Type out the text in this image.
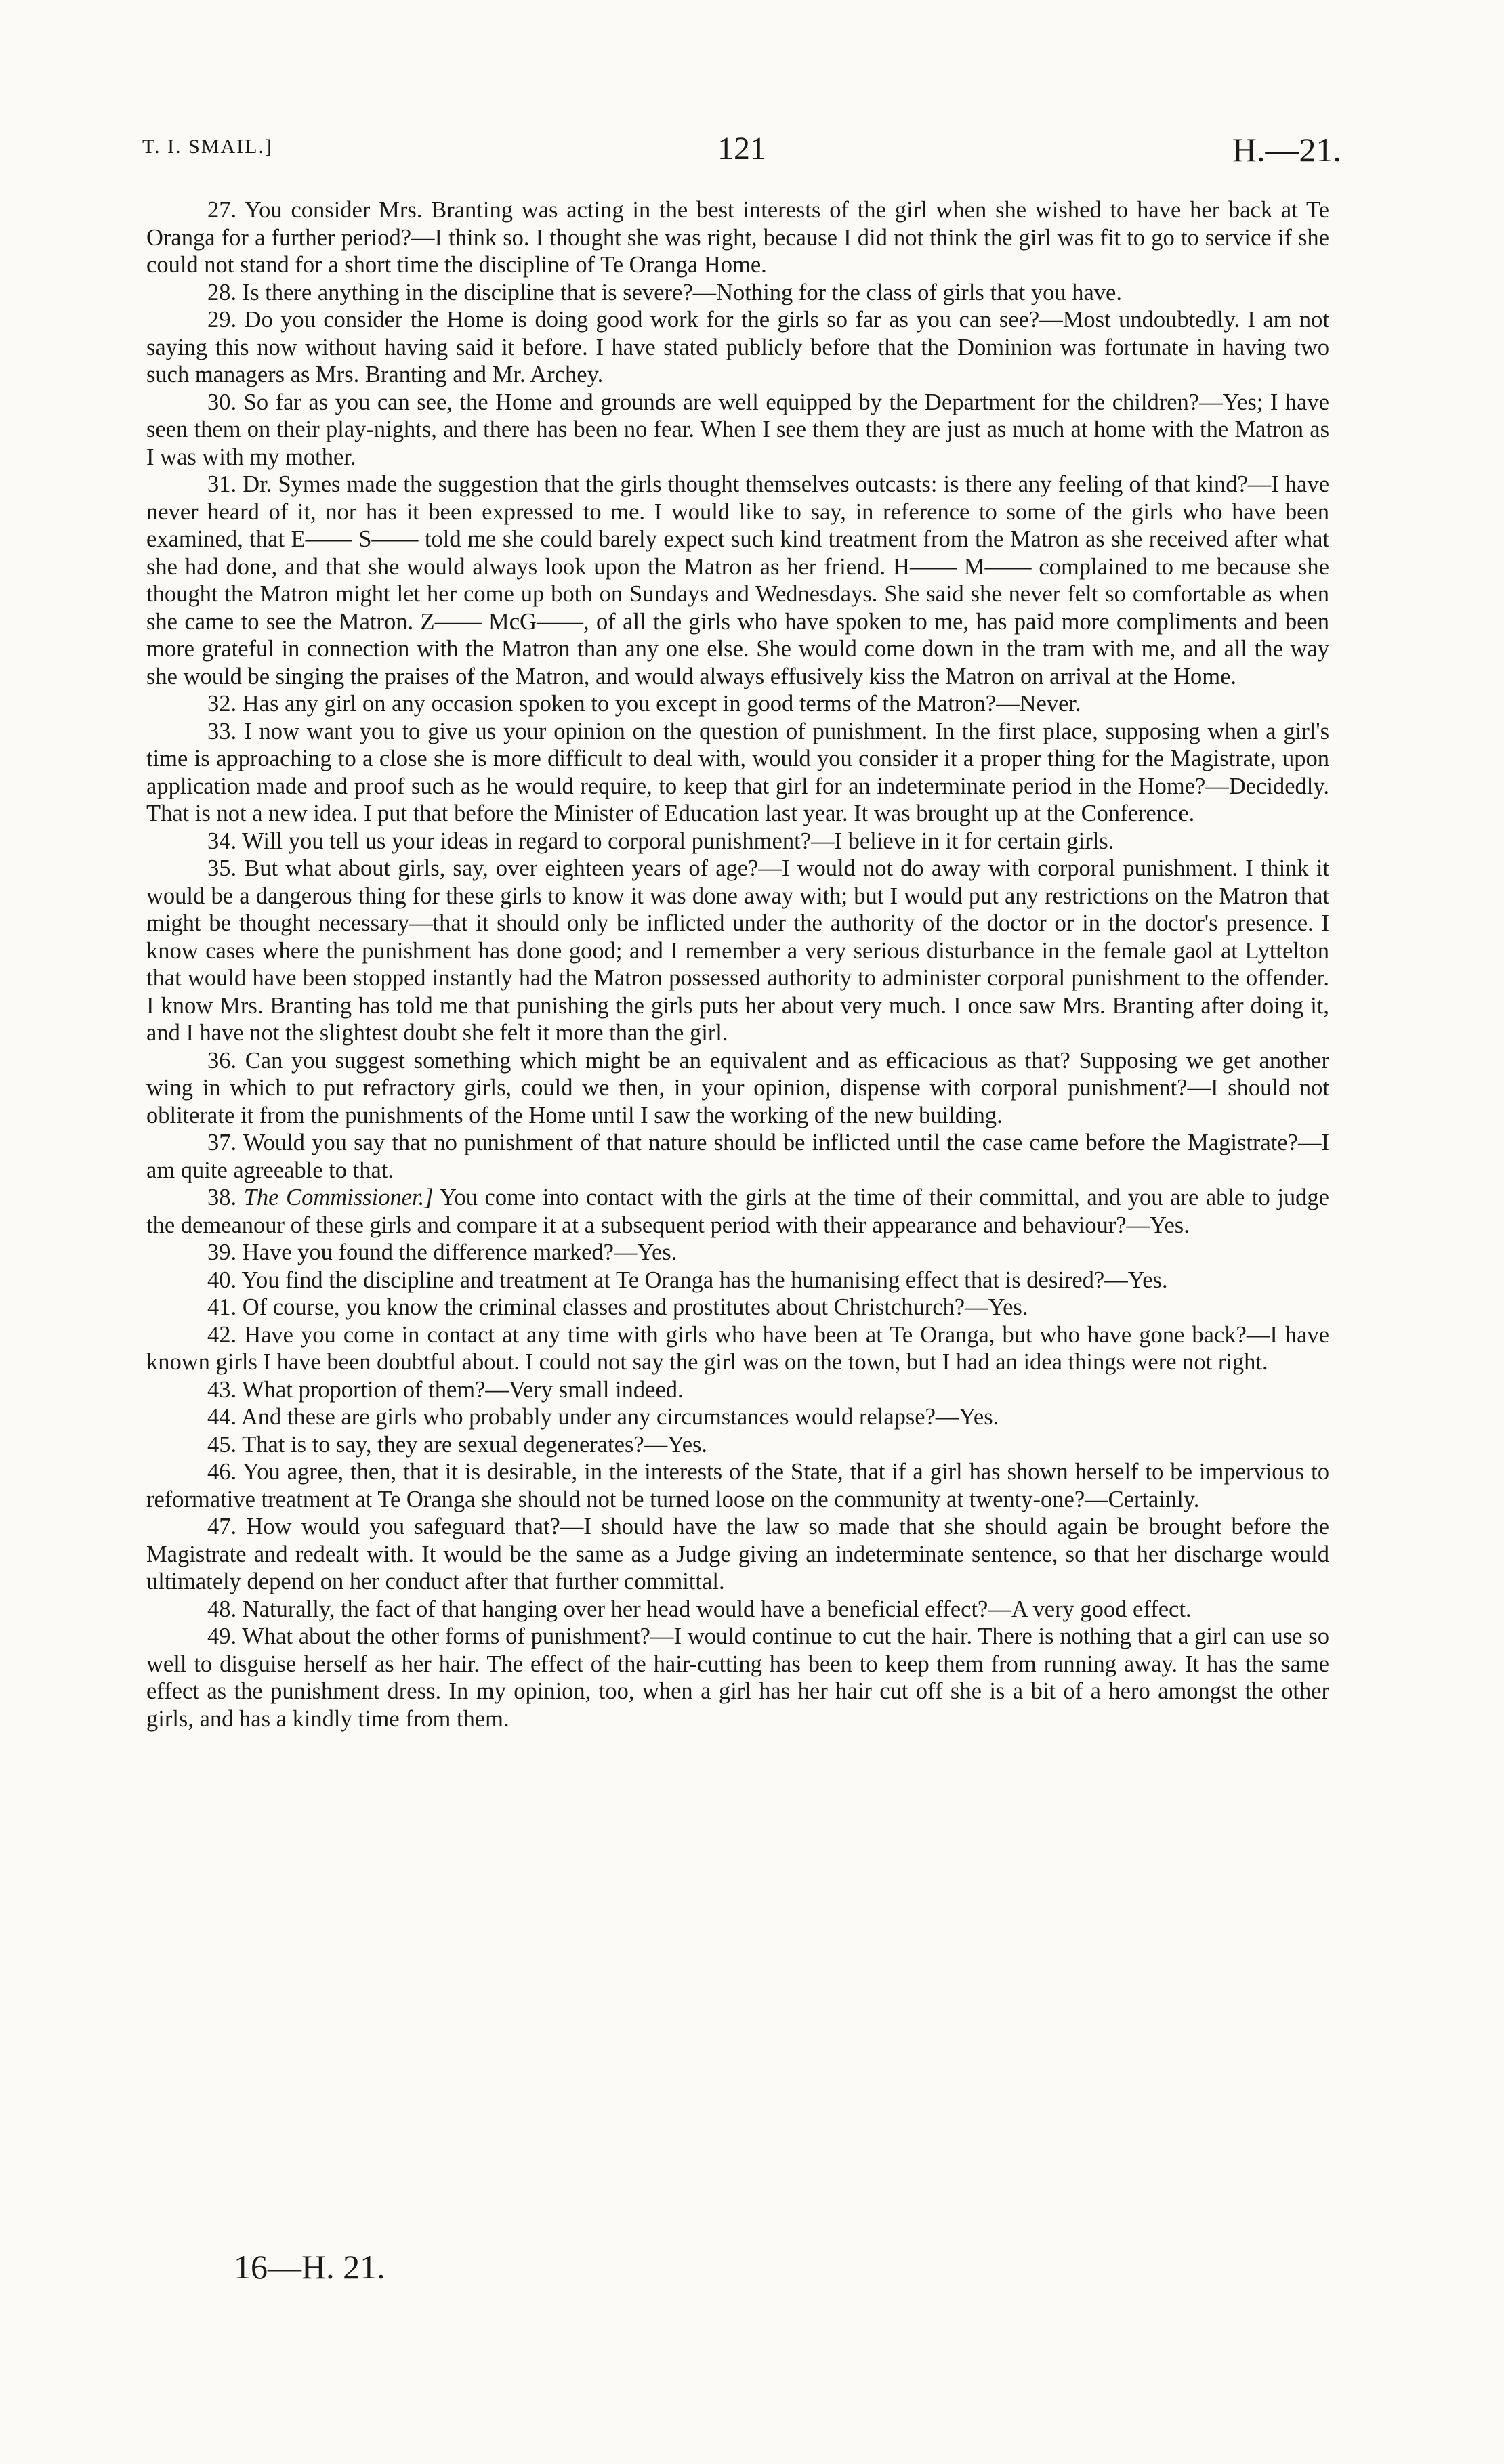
T. I. SMAIL.]	121	H.—21.

27. You consider Mrs. Branting was acting in the best interests of the girl when she wished to have her back at Te Oranga for a further period?—I think so. I thought she was right, because I did not think the girl was fit to go to service if she could not stand for a short time the discipline of Te Oranga Home.

28. Is there anything in the discipline that is severe?—Nothing for the class of girls that you have.

29. Do you consider the Home is doing good work for the girls so far as you can see?—Most undoubtedly. I am not saying this now without having said it before. I have stated publicly before that the Dominion was fortunate in having two such managers as Mrs. Branting and Mr. Archey.

30. So far as you can see, the Home and grounds are well equipped by the Department for the children?—Yes; I have seen them on their play-nights, and there has been no fear. When I see them they are just as much at home with the Matron as I was with my mother.

31. Dr. Symes made the suggestion that the girls thought themselves outcasts: is there any feeling of that kind?—I have never heard of it, nor has it been expressed to me. I would like to say, in reference to some of the girls who have been examined, that E—— S—— told me she could barely expect such kind treatment from the Matron as she received after what she had done, and that she would always look upon the Matron as her friend. H—— M—— complained to me because she thought the Matron might let her come up both on Sundays and Wednesdays. She said she never felt so comfortable as when she came to see the Matron. Z—— McG——, of all the girls who have spoken to me, has paid more compliments and been more grateful in connection with the Matron than any one else. She would come down in the tram with me, and all the way she would be singing the praises of the Matron, and would always effusively kiss the Matron on arrival at the Home.

32. Has any girl on any occasion spoken to you except in good terms of the Matron?—Never.

33. I now want you to give us your opinion on the question of punishment. In the first place, supposing when a girl's time is approaching to a close she is more difficult to deal with, would you consider it a proper thing for the Magistrate, upon application made and proof such as he would require, to keep that girl for an indeterminate period in the Home?—Decidedly. That is not a new idea. I put that before the Minister of Education last year. It was brought up at the Conference.

34. Will you tell us your ideas in regard to corporal punishment?—I believe in it for certain girls.

35. But what about girls, say, over eighteen years of age?—I would not do away with corporal punishment. I think it would be a dangerous thing for these girls to know it was done away with; but I would put any restrictions on the Matron that might be thought necessary—that it should only be inflicted under the authority of the doctor or in the doctor's presence. I know cases where the punishment has done good; and I remember a very serious disturbance in the female gaol at Lyttelton that would have been stopped instantly had the Matron possessed authority to administer corporal punishment to the offender. I know Mrs. Branting has told me that punishing the girls puts her about very much. I once saw Mrs. Branting after doing it, and I have not the slightest doubt she felt it more than the girl.

36. Can you suggest something which might be an equivalent and as efficacious as that? Supposing we get another wing in which to put refractory girls, could we then, in your opinion, dispense with corporal punishment?—I should not obliterate it from the punishments of the Home until I saw the working of the new building.

37. Would you say that no punishment of that nature should be inflicted until the case came before the Magistrate?—I am quite agreeable to that.

38. The Commissioner.] You come into contact with the girls at the time of their committal, and you are able to judge the demeanour of these girls and compare it at a subsequent period with their appearance and behaviour?—Yes.

39. Have you found the difference marked?—Yes.

40. You find the discipline and treatment at Te Oranga has the humanising effect that is desired?—Yes.

41. Of course, you know the criminal classes and prostitutes about Christchurch?—Yes.

42. Have you come in contact at any time with girls who have been at Te Oranga, but who have gone back?—I have known girls I have been doubtful about. I could not say the girl was on the town, but I had an idea things were not right.

43. What proportion of them?—Very small indeed.

44. And these are girls who probably under any circumstances would relapse?—Yes.

45. That is to say, they are sexual degenerates?—Yes.

46. You agree, then, that it is desirable, in the interests of the State, that if a girl has shown herself to be impervious to reformative treatment at Te Oranga she should not be turned loose on the community at twenty-one?—Certainly.

47. How would you safeguard that?—I should have the law so made that she should again be brought before the Magistrate and redealt with. It would be the same as a Judge giving an indeterminate sentence, so that her discharge would ultimately depend on her conduct after that further committal.

48. Naturally, the fact of that hanging over her head would have a beneficial effect?—A very good effect.

49. What about the other forms of punishment?—I would continue to cut the hair. There is nothing that a girl can use so well to disguise herself as her hair. The effect of the hair-cutting has been to keep them from running away. It has the same effect as the punishment dress. In my opinion, too, when a girl has her hair cut off she is a bit of a hero amongst the other girls, and has a kindly time from them.

16—H. 21.
